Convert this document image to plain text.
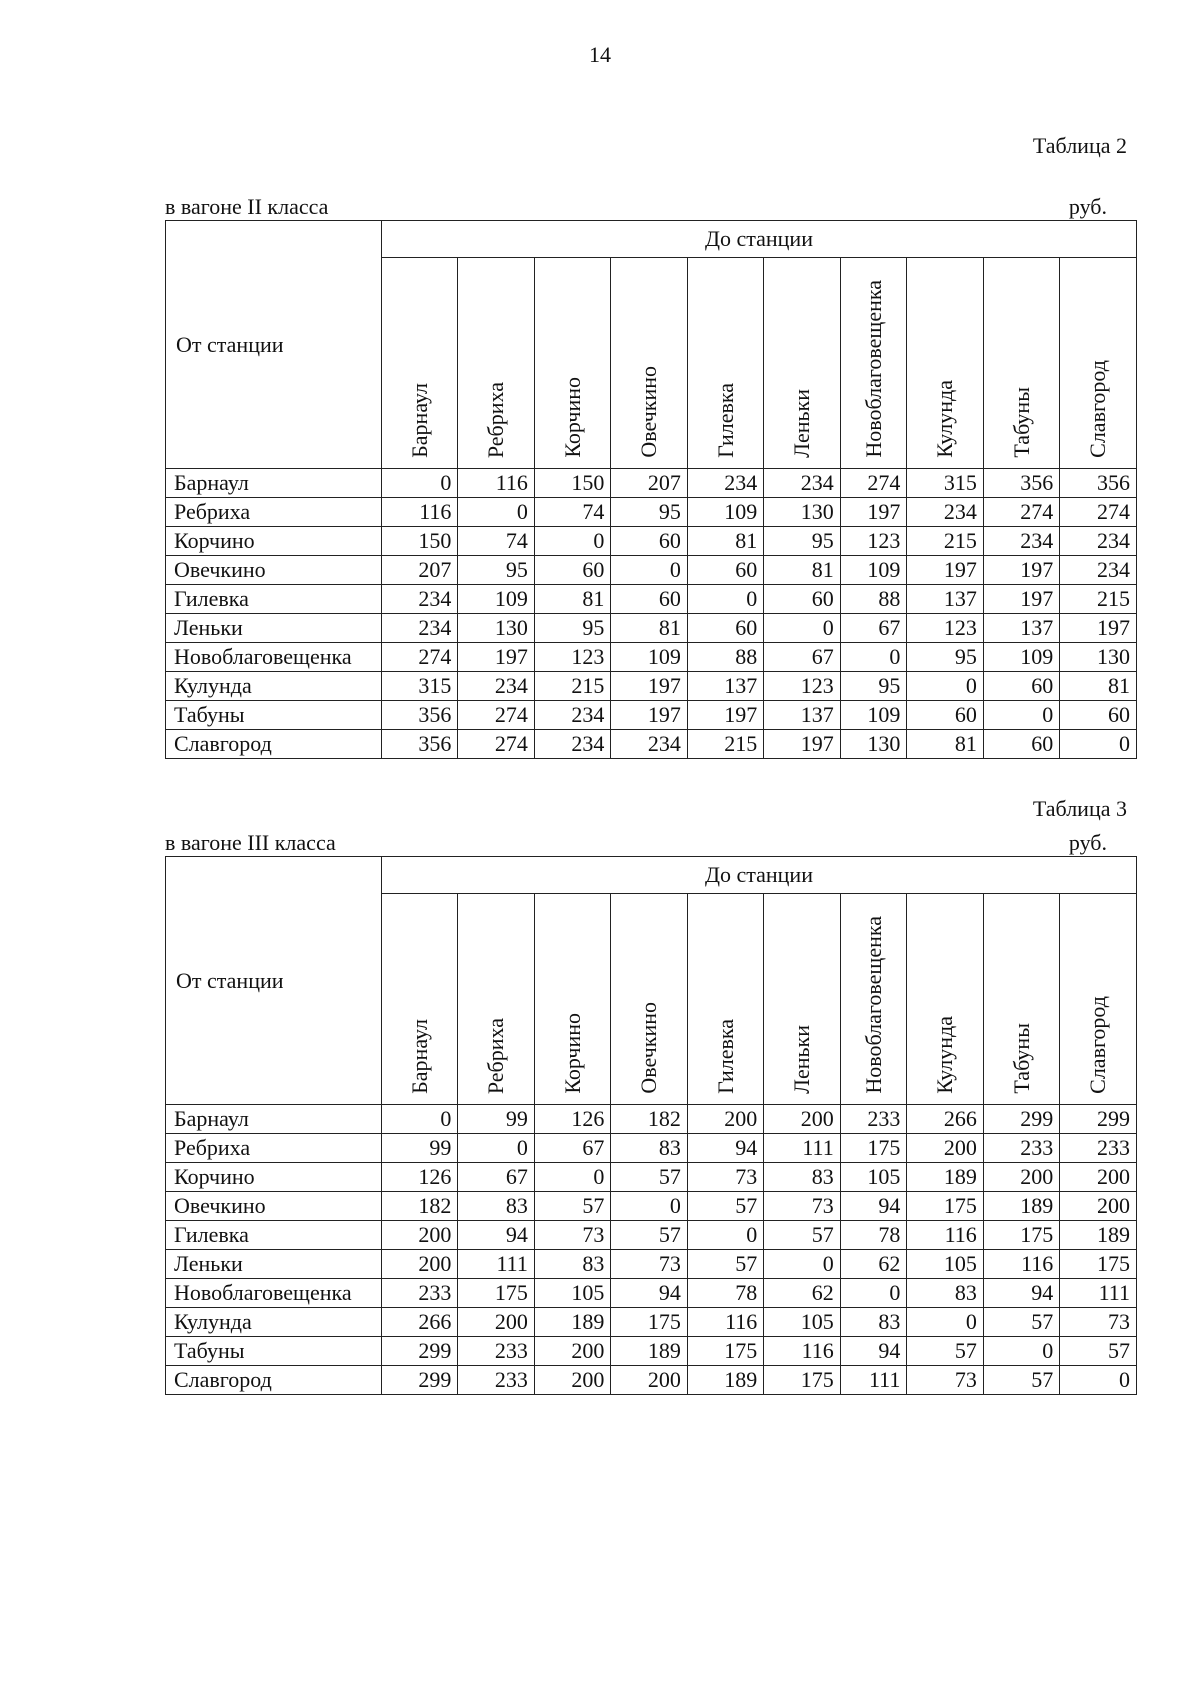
14
Таблица 2
в вагоне II класса	руб.
От станции	До станции									

	Барнаул	Ребриха	Корчино	Овечкино	Гилевка	Леньки	Новоблаговещенка	Кулунда	Табуны	Славгород

Барнаул	0	116	150	207	234	234	274	315	356	356
Ребриха	116	0	74	95	109	130	197	234	274	274
Корчино	150	74	0	60	81	95	123	215	234	234
Овечкино	207	95	60	0	60	81	109	197	197	234
Гилевка	234	109	81	60	0	60	88	137	197	215
Леньки	234	130	95	81	60	0	67	123	137	197
Новоблаговещенка	274	197	123	109	88	67	0	95	109	130
Кулунда	315	234	215	197	137	123	95	0	60	81
Табуны	356	274	234	197	197	137	109	60	0	60
Славгород	356	274	234	234	215	197	130	81	60	0
Таблица 3
в вагоне III класса	руб.
От станции	До станции									

	Барнаул	Ребриха	Корчино	Овечкино	Гилевка	Леньки	Новоблаговещенка	Кулунда	Табуны	Славгород

Барнаул	0	99	126	182	200	200	233	266	299	299
Ребриха	99	0	67	83	94	111	175	200	233	233
Корчино	126	67	0	57	73	83	105	189	200	200
Овечкино	182	83	57	0	57	73	94	175	189	200
Гилевка	200	94	73	57	0	57	78	116	175	189
Леньки	200	111	83	73	57	0	62	105	116	175
Новоблаговещенка	233	175	105	94	78	62	0	83	94	111
Кулунда	266	200	189	175	116	105	83	0	57	73
Табуны	299	233	200	189	175	116	94	57	0	57
Славгород	299	233	200	200	189	175	111	73	57	0
